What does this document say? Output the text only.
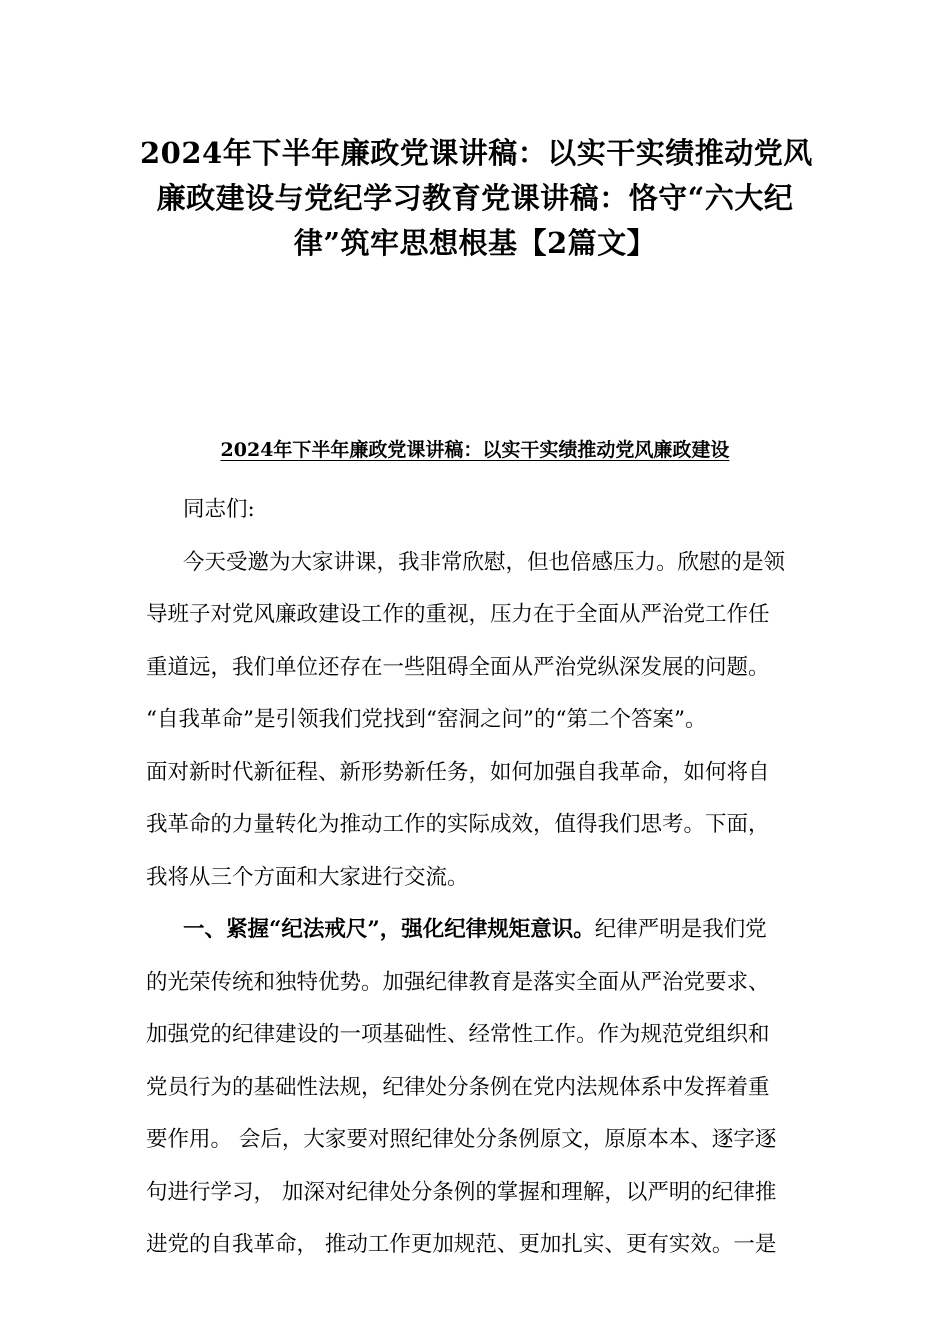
2024年下半年廉政党课讲稿：以实干实绩推动党风
廉政建设与党纪学习教育党课讲稿：恪守“六大纪
律”筑牢思想根基【2篇文】
2024年下半年廉政党课讲稿：以实干实绩推动党风廉政建设
同志们:
今天受邀为大家讲课，我非常欣慰，但也倍感压力。欣慰的是领
导班子对党风廉政建设工作的重视，压力在于全面从严治党工作任
重道远，我们单位还存在一些阻碍全面从严治党纵深发展的问题。
“自我革命”是引领我们党找到“窑洞之问”的“第二个答案”。
面对新时代新征程、新形势新任务，如何加强自我革命，如何将自
我革命的力量转化为推动工作的实际成效，值得我们思考。下面，
我将从三个方面和大家进行交流。
一、紧握“纪法戒尺”，强化纪律规矩意识。纪律严明是我们党
的光荣传统和独特优势。加强纪律教育是落实全面从严治党要求、
加强党的纪律建设的一项基础性、经常性工作。作为规范党组织和
党员行为的基础性法规，纪律处分条例在党内法规体系中发挥着重
要作用。 会后，大家要对照纪律处分条例原文，原原本本、逐字逐
句进行学习， 加深对纪律处分条例的掌握和理解，以严明的纪律推
进党的自我革命， 推动工作更加规范、更加扎实、更有实效。一是
